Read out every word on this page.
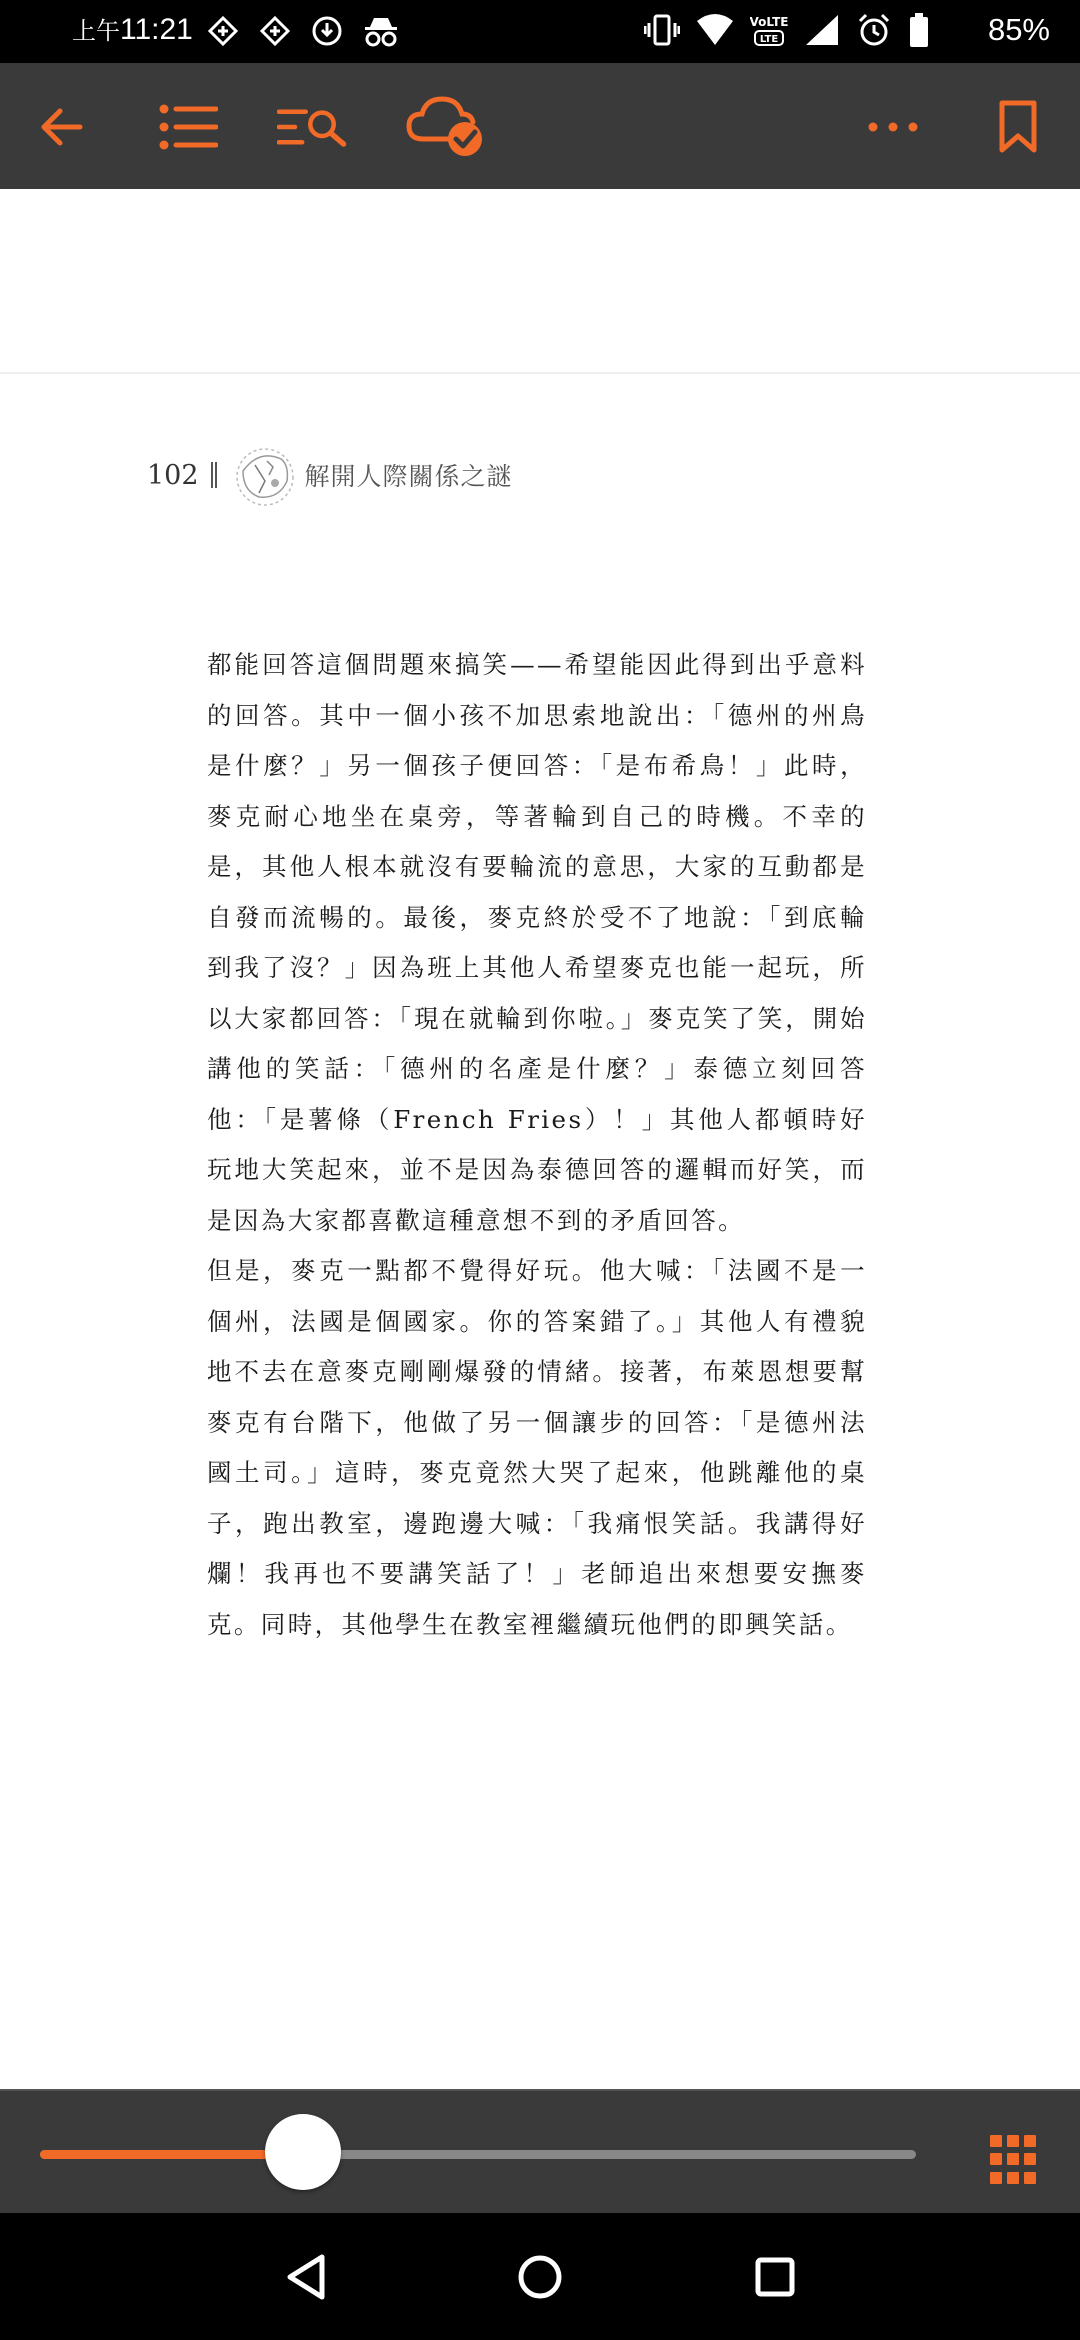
上午11:21	VoLTE
LTE	85%
102	解開人際關係之謎

都能回答這個問題來搞笑——希望能因此得到出乎意料的回答。其中一個小孩不加思索地說出：「德州的州鳥是什麼？」另一個孩子便回答：「是布希鳥！」此時，麥克耐心地坐在桌旁，等著輪到自己的時機。不幸的是，其他人根本就沒有要輪流的意思，大家的互動都是自發而流暢的。最後，麥克終於受不了地說：「到底輪到我了沒？」因為班上其他人希望麥克也能一起玩，所以大家都回答：「現在就輪到你啦。」麥克笑了笑，開始講他的笑話：「德州的名產是什麼？」泰德立刻回答他：「是薯條（French Fries）！」其他人都頓時好玩地大笑起來，並不是因為泰德回答的邏輯而好笑，而是因為大家都喜歡這種意想不到的矛盾回答。

但是，麥克一點都不覺得好玩。他大喊：「法國不是一個州，法國是個國家。你的答案錯了。」其他人有禮貌地不去在意麥克剛剛爆發的情緒。接著，布萊恩想要幫麥克有台階下，他做了另一個讓步的回答：「是德州法國土司。」這時，麥克竟然大哭了起來，他跳離他的桌子，跑出教室，邊跑邊大喊：「我痛恨笑話。我講得好爛！我再也不要講笑話了！」老師追出來想要安撫麥克。同時，其他學生在教室裡繼續玩他們的即興笑話。
